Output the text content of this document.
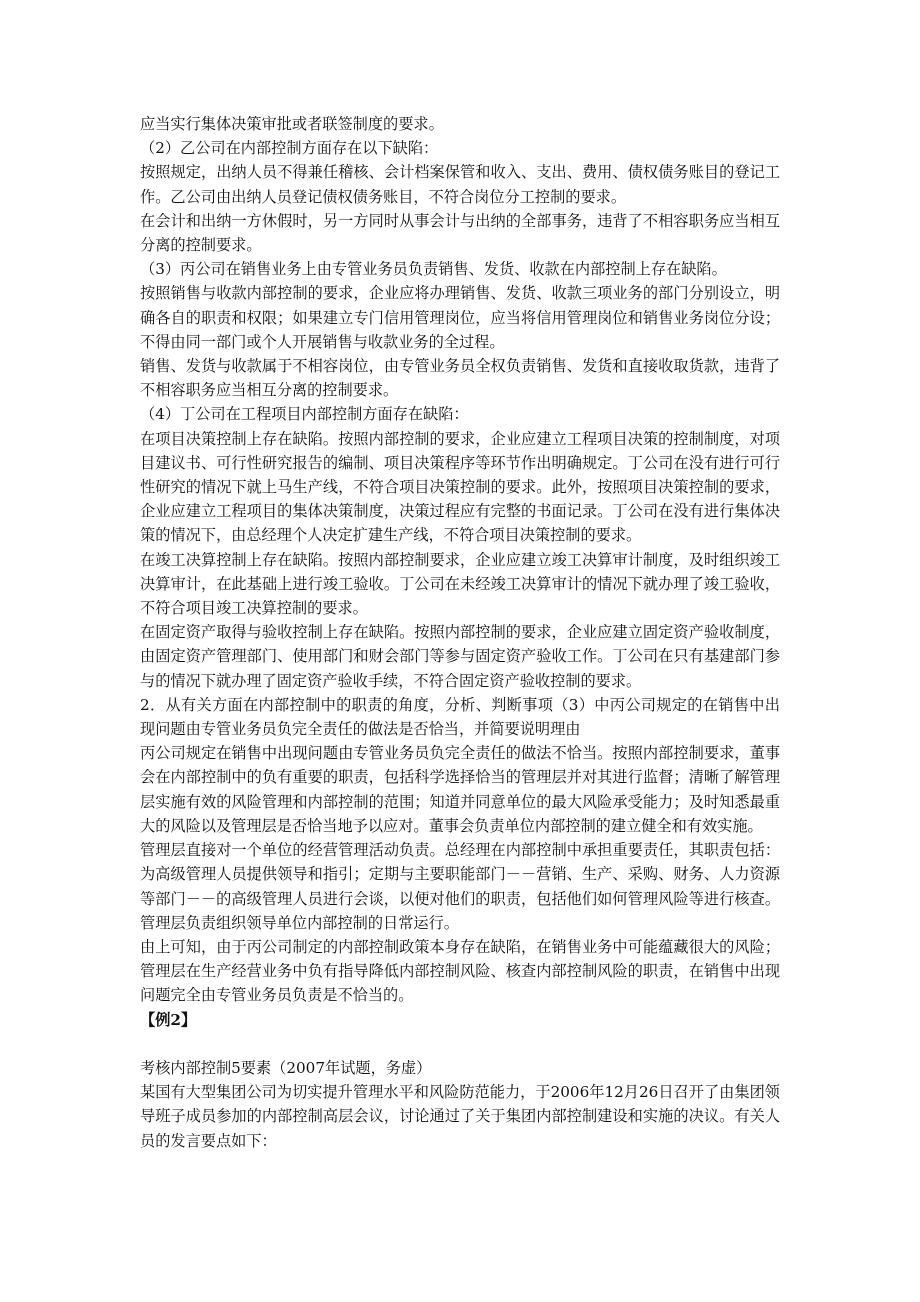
应当实行集体决策审批或者联签制度的要求。

（2）乙公司在内部控制方面存在以下缺陷：

按照规定，出纳人员不得兼任稽核、会计档案保管和收入、支出、费用、债权债务账目的登记工作。乙公司由出纳人员登记债权债务账目，不符合岗位分工控制的要求。

在会计和出纳一方休假时，另一方同时从事会计与出纳的全部事务，违背了不相容职务应当相互分离的控制要求。

（3）丙公司在销售业务上由专管业务员负责销售、发货、收款在内部控制上存在缺陷。

按照销售与收款内部控制的要求，企业应将办理销售、发货、收款三项业务的部门分别设立，明确各自的职责和权限；如果建立专门信用管理岗位，应当将信用管理岗位和销售业务岗位分设；不得由同一部门或个人开展销售与收款业务的全过程。

销售、发货与收款属于不相容岗位，由专管业务员全权负责销售、发货和直接收取货款，违背了不相容职务应当相互分离的控制要求。

（4）丁公司在工程项目内部控制方面存在缺陷：

在项目决策控制上存在缺陷。按照内部控制的要求，企业应建立工程项目决策的控制制度，对项目建议书、可行性研究报告的编制、项目决策程序等环节作出明确规定。丁公司在没有进行可行性研究的情况下就上马生产线，不符合项目决策控制的要求。此外，按照项目决策控制的要求，企业应建立工程项目的集体决策制度，决策过程应有完整的书面记录。丁公司在没有进行集体决策的情况下，由总经理个人决定扩建生产线，不符合项目决策控制的要求。

在竣工决算控制上存在缺陷。按照内部控制要求，企业应建立竣工决算审计制度，及时组织竣工决算审计，在此基础上进行竣工验收。丁公司在未经竣工决算审计的情况下就办理了竣工验收，不符合项目竣工决算控制的要求。

在固定资产取得与验收控制上存在缺陷。按照内部控制的要求，企业应建立固定资产验收制度，由固定资产管理部门、使用部门和财会部门等参与固定资产验收工作。丁公司在只有基建部门参与的情况下就办理了固定资产验收手续，不符合固定资产验收控制的要求。

2．从有关方面在内部控制中的职责的角度，分析、判断事项（3）中丙公司规定的在销售中出现问题由专管业务员负完全责任的做法是否恰当，并简要说明理由

丙公司规定在销售中出现问题由专管业务员负完全责任的做法不恰当。按照内部控制要求，董事会在内部控制中的负有重要的职责，包括科学选择恰当的管理层并对其进行监督；清晰了解管理层实施有效的风险管理和内部控制的范围；知道并同意单位的最大风险承受能力；及时知悉最重大的风险以及管理层是否恰当地予以应对。董事会负责单位内部控制的建立健全和有效实施。

管理层直接对一个单位的经营管理活动负责。总经理在内部控制中承担重要责任，其职责包括：为高级管理人员提供领导和指引；定期与主要职能部门－－营销、生产、采购、财务、人力资源等部门－－的高级管理人员进行会谈，以便对他们的职责，包括他们如何管理风险等进行核查。管理层负责组织领导单位内部控制的日常运行。

由上可知，由于丙公司制定的内部控制政策本身存在缺陷，在销售业务中可能蕴藏很大的风险；管理层在生产经营业务中负有指导降低内部控制风险、核查内部控制风险的职责，在销售中出现问题完全由专管业务员负责是不恰当的。

【例2】

考核内部控制5要素（2007年试题，务虚）

某国有大型集团公司为切实提升管理水平和风险防范能力，于2006年12月26日召开了由集团领导班子成员参加的内部控制高层会议，讨论通过了关于集团内部控制建设和实施的决议。有关人员的发言要点如下：
